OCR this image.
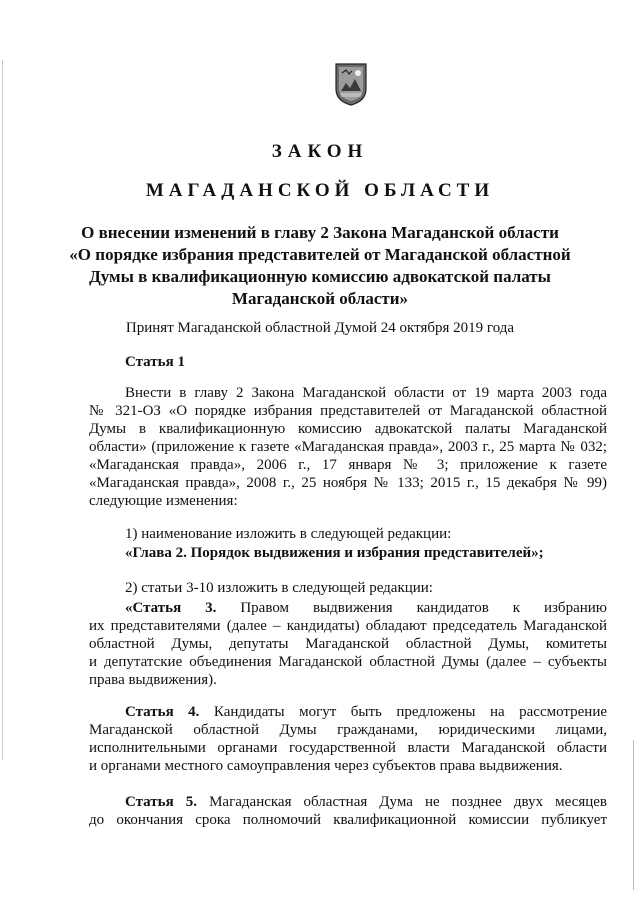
ЗАКОН
МАГАДАНСКОЙ ОБЛАСТИ
О внесении изменений в главу 2 Закона Магаданской области
«О порядке избрания представителей от Магаданской областной
Думы в квалификационную комиссию адвокатской палаты
Магаданской области»
Принят Магаданской областной Думой 24 октября 2019 года
Статья 1
Внести в главу 2 Закона Магаданской области от 19 марта 2003 года
№ 321-ОЗ «О порядке избрания представителей от Магаданской областной
Думы в квалификационную комиссию адвокатской палаты Магаданской
области» (приложение к газете «Магаданская правда», 2003 г., 25 марта № 032;
«Магаданская правда», 2006 г., 17 января № 3; приложение к газете
«Магаданская правда», 2008 г., 25 ноября № 133; 2015 г., 15 декабря № 99)
следующие изменения:
1) наименование изложить в следующей редакции:
«Глава 2. Порядок выдвижения и избрания представителей»;
2) статьи 3-10 изложить в следующей редакции:
«Статья 3. Правом выдвижения кандидатов к избранию
их представителями (далее – кандидаты) обладают председатель Магаданской
областной Думы, депутаты Магаданской областной Думы, комитеты
и депутатские объединения Магаданской областной Думы (далее – субъекты
права выдвижения).
Статья 4. Кандидаты могут быть предложены на рассмотрение
Магаданской областной Думы гражданами, юридическими лицами,
исполнительными органами государственной власти Магаданской области
и органами местного самоуправления через субъектов права выдвижения.
Статья 5. Магаданская областная Дума не позднее двух месяцев
до окончания срока полномочий квалификационной комиссии публикует
